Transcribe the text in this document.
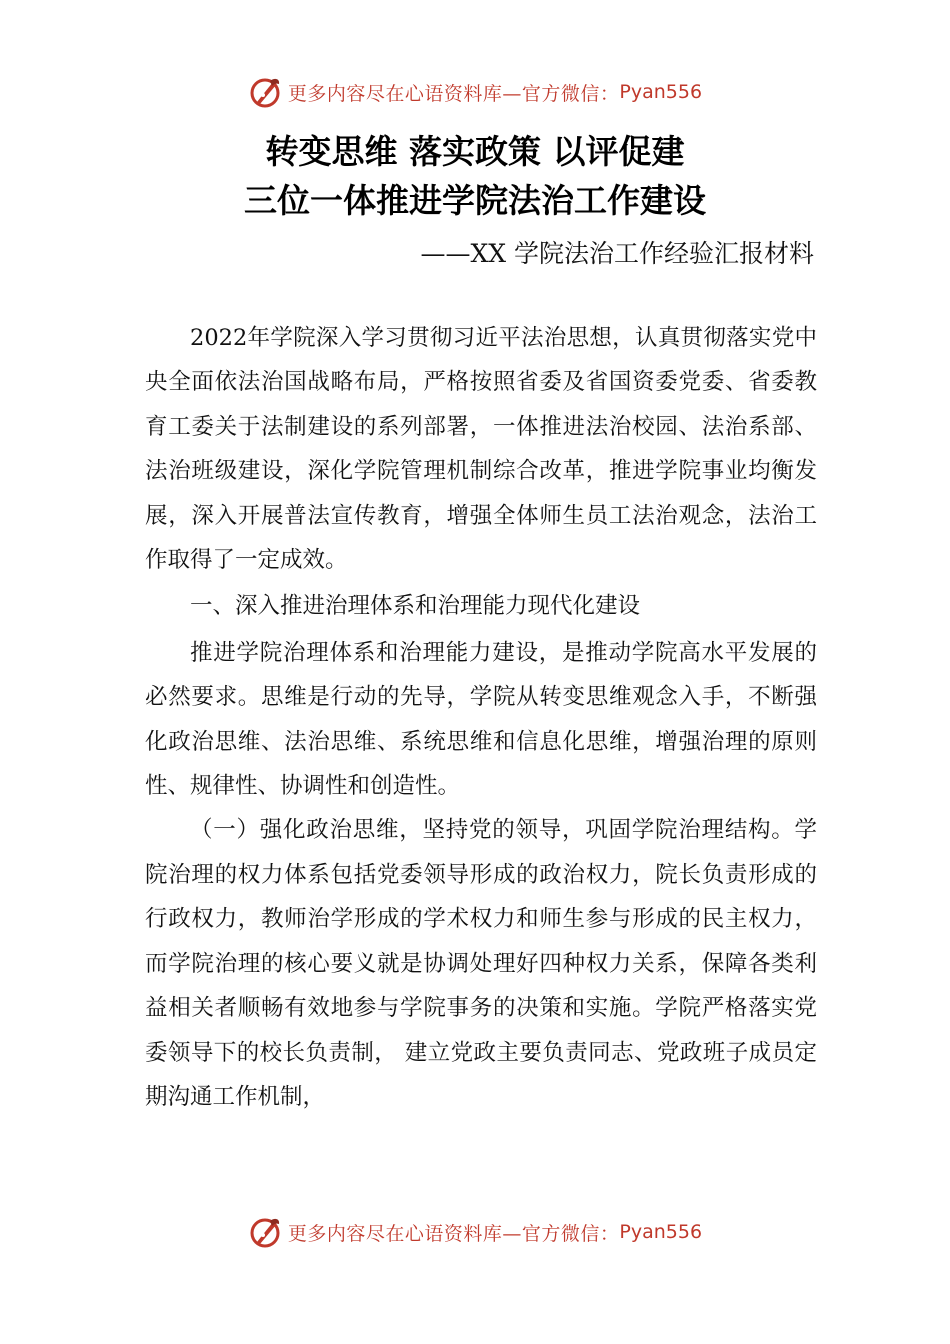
更多内容尽在心语资料库—官方微信： Pyan556
转变思维 落实政策 以评促建
三位一体推进学院法治工作建设
——XX 学院法治工作经验汇报材料

2022年学院深入学习贯彻习近平法治思想，认真贯彻落实党中央全面依法治国战略布局，严格按照省委及省国资委党委、省委教育工委关于法制建设的系列部署，一体推进法治校园、法治系部、法治班级建设，深化学院管理机制综合改革，推进学院事业均衡发展，深入开展普法宣传教育，增强全体师生员工法治观念，法治工作取得了一定成效。

一、深入推进治理体系和治理能力现代化建设

推进学院治理体系和治理能力建设，是推动学院高水平发展的必然要求。思维是行动的先导，学院从转变思维观念入手，不断强化政治思维、法治思维、系统思维和信息化思维，增强治理的原则性、规律性、协调性和创造性。

（一）强化政治思维，坚持党的领导，巩固学院治理结构。学院治理的权力体系包括党委领导形成的政治权力，院长负责形成的行政权力，教师治学形成的学术权力和师生参与形成的民主权力，而学院治理的核心要义就是协调处理好四种权力关系，保障各类利益相关者顺畅有效地参与学院事务的决策和实施。学院严格落实党委领导下的校长负责制， 建立党政主要负责同志、党政班子成员定期沟通工作机制，

更多内容尽在心语资料库—官方微信： Pyan556
